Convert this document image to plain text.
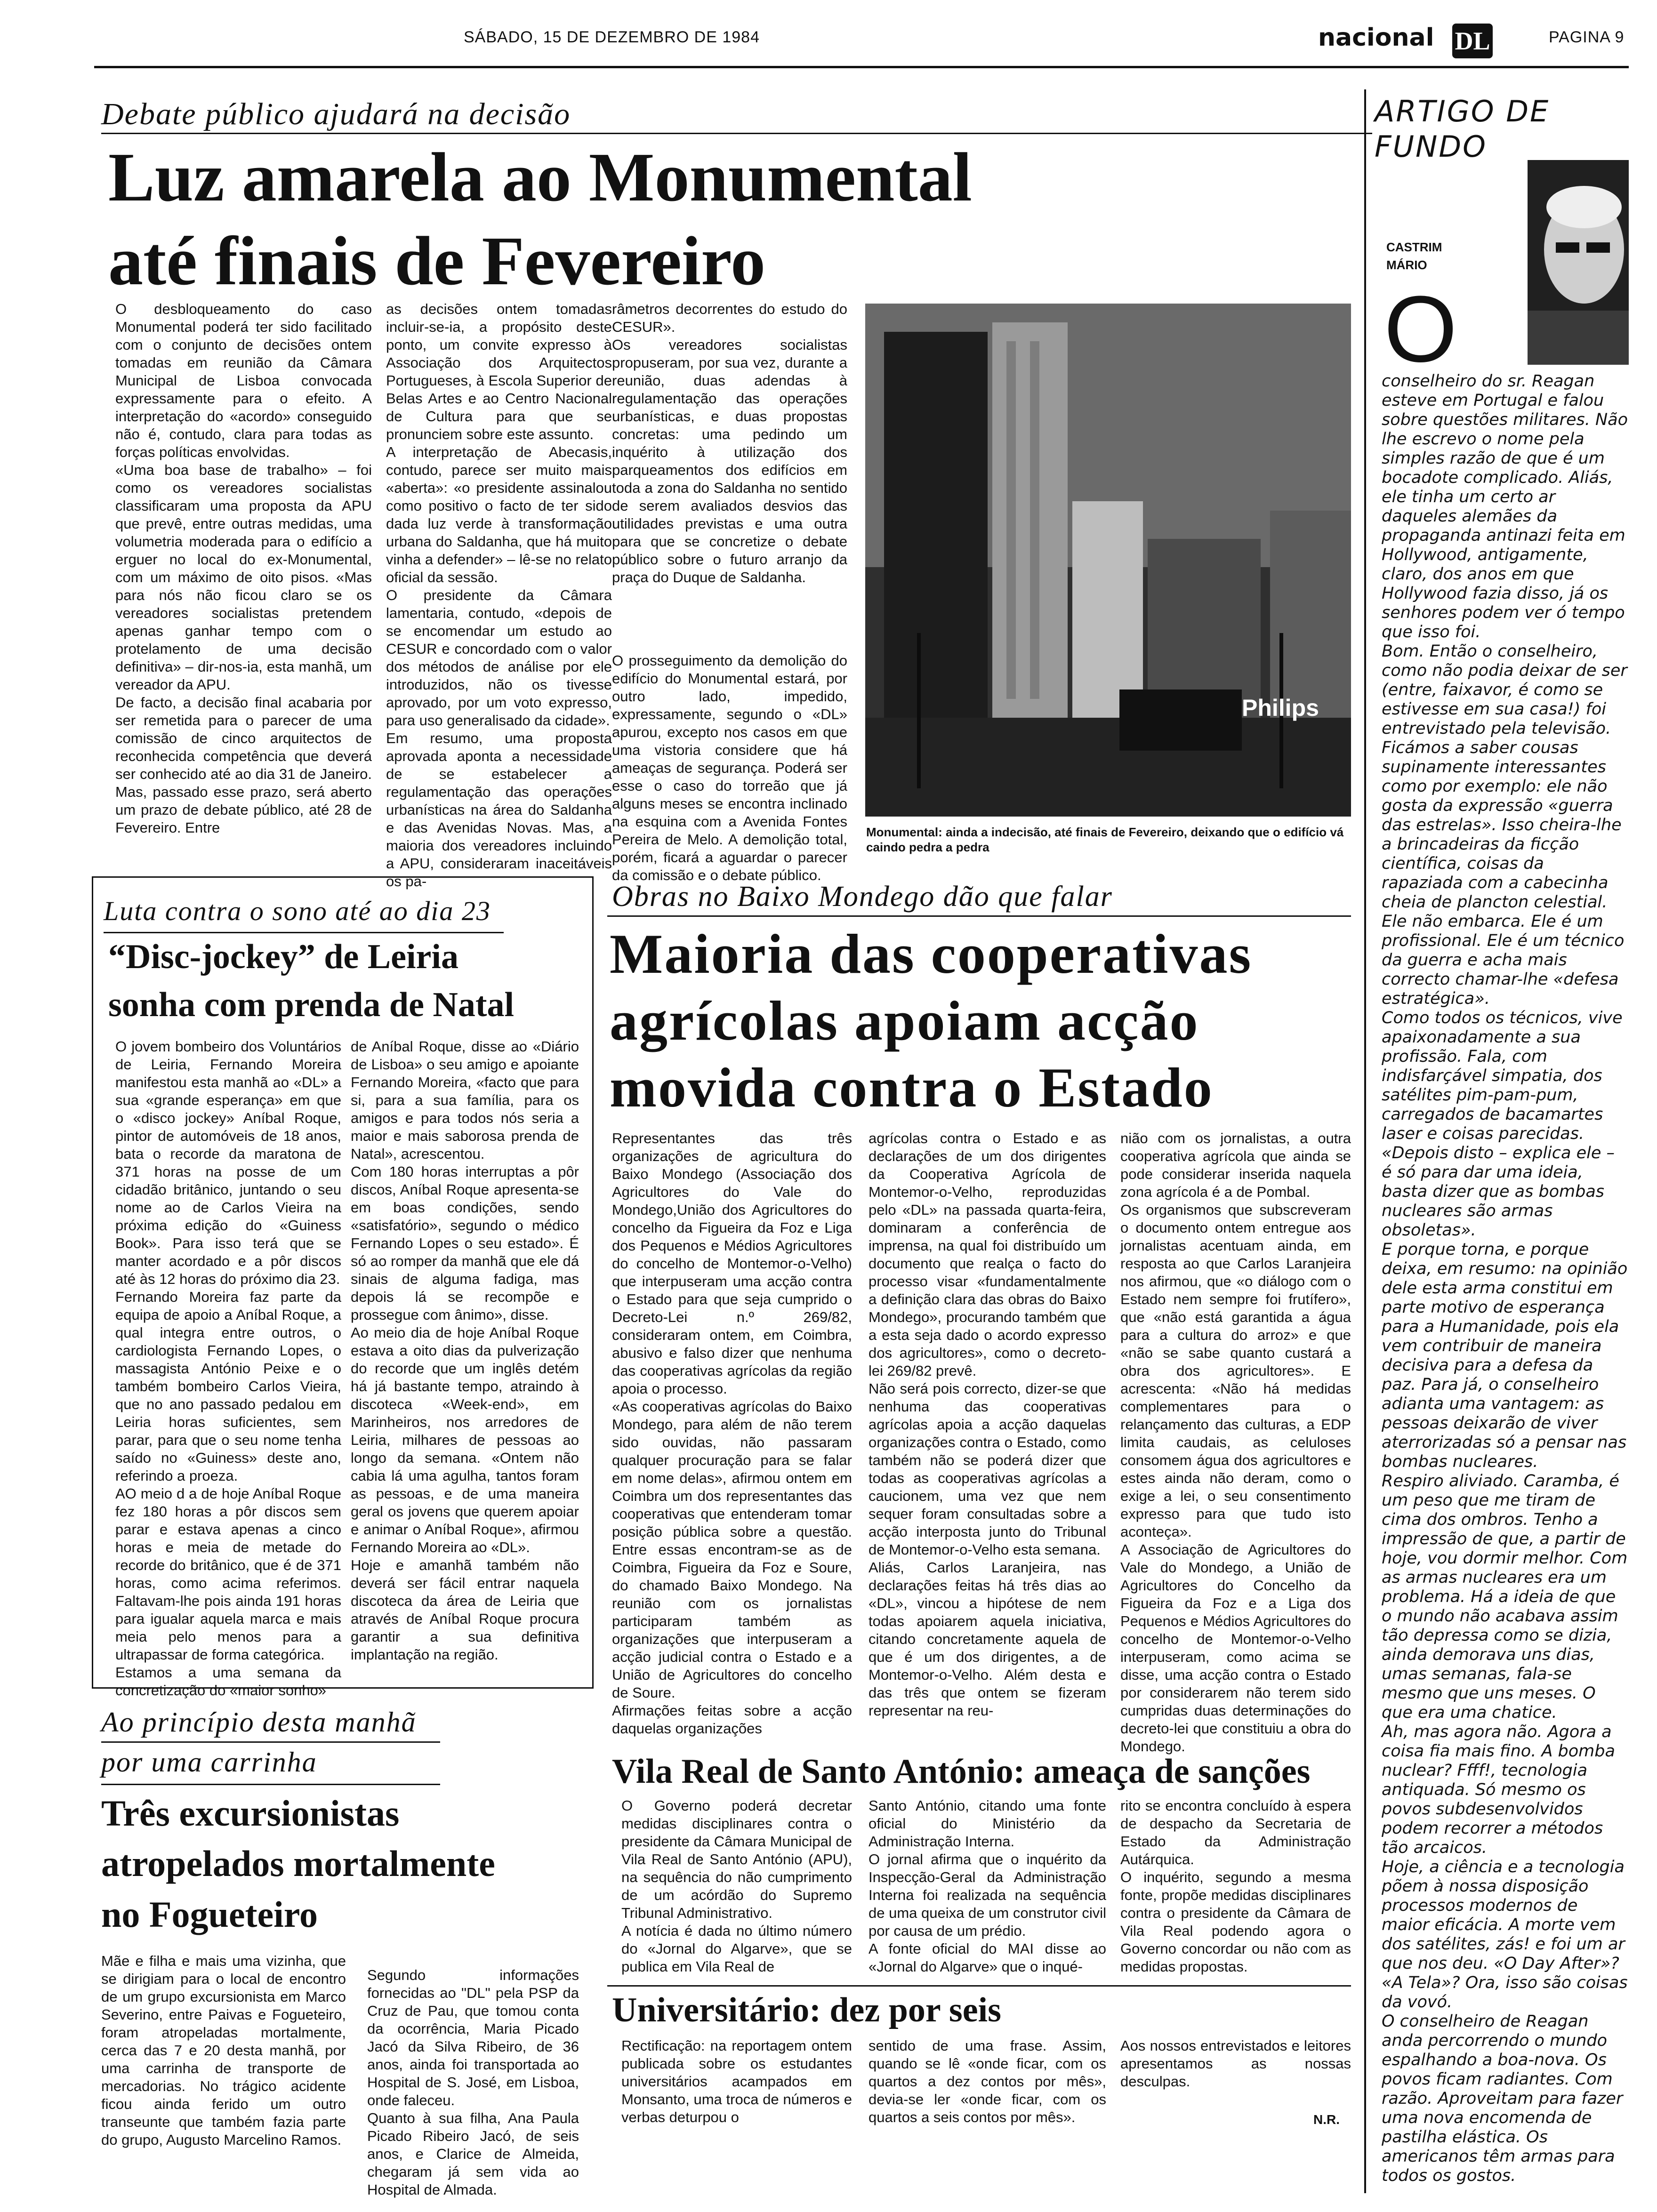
SÁBADO, 15 DE DEZEMBRO DE 1984	nacional DL	PAGINA 9
Debate público ajudará na decisão
Luz amarela ao Monumental
até finais de Fevereiro
O desbloqueamento do caso Monumental poderá ter sido facilitado com o conjunto de decisões ontem tomadas em reunião da Câmara Municipal de Lisboa convocada expressamente para o efeito. A interpretação do «acordo» conseguido não é, contudo, clara para todas as forças políticas envolvidas.
«Uma boa base de trabalho» – foi como os vereadores socialistas classificaram uma proposta da APU que prevê, entre outras medidas, uma volumetria moderada para o edifício a erguer no local do ex-Monumental, com um máximo de oito pisos. «Mas para nós não ficou claro se os vereadores socialistas pretendem apenas ganhar tempo com o protelamento de uma decisão definitiva» – dir-nos-ia, esta manhã, um vereador da APU.
De facto, a decisão final acabaria por ser remetida para o parecer de uma comissão de cinco arquitectos de reconhecida competência que deverá ser conhecido até ao dia 31 de Janeiro. Mas, passado esse prazo, será aberto um prazo de debate público, até 28 de Fevereiro. Entre
as decisões ontem tomadas incluir-se-ia, a propósito deste ponto, um convite expresso à Associação dos Arquitectos Portugueses, à Escola Superior de Belas Artes e ao Centro Nacional de Cultura para que se pronunciem sobre este assunto.
A interpretação de Abecasis, contudo, parece ser muito mais «aberta»: «o presidente assinalou como positivo o facto de ter sido dada luz verde à transformação urbana do Saldanha, que há muito vinha a defender» – lê-se no relato oficial da sessão.
O presidente da Câmara lamentaria, contudo, «depois de se encomendar um estudo ao CESUR e concordado com o valor dos métodos de análise por ele introduzidos, não os tivesse aprovado, por um voto expresso, para uso generalisado da cidade».
Em resumo, uma proposta aprovada aponta a necessidade de se estabelecer a regulamentação das operações urbanísticas na área do Saldanha e das Avenidas Novas. Mas, a maioria dos vereadores incluindo a APU, consideraram inaceitáveis os pa-
râmetros decorrentes do estudo do CESUR».
Os vereadores socialistas propuseram, por sua vez, durante a reunião, duas adendas à regulamentação das operações urbanísticas, e duas propostas concretas: uma pedindo um inquérito à utilização dos parqueamentos dos edifícios em toda a zona do Saldanha no sentido de serem avaliados desvios das utilidades previstas e uma outra para que se concretize o debate público sobre o futuro arranjo da praça do Duque de Saldanha.
O prosseguimento da demolição do edifício do Monumental estará, por outro lado, impedido, expressamente, segundo o «DL» apurou, excepto nos casos em que uma vistoria considere que há ameaças de segurança. Poderá ser esse o caso do torreão que já alguns meses se encontra inclinado na esquina com a Avenida Fontes Pereira de Melo. A demolição total, porém, ficará a aguardar o parecer da comissão e o debate público.
Philips
Monumental: ainda a indecisão, até finais de Fevereiro, deixando que o edifício vá caindo pedra a pedra
Luta contra o sono até ao dia 23
“Disc-jockey” de Leiria
sonha com prenda de Natal
O jovem bombeiro dos Voluntários de Leiria, Fernando Moreira manifestou esta manhã ao «DL» a sua «grande esperança» em que o «disco jockey» Aníbal Roque, pintor de automóveis de 18 anos, bata o recorde da maratona de 371 horas na posse de um cidadão britânico, juntando o seu nome ao de Carlos Vieira na próxima edição do «Guiness Book». Para isso terá que se manter acordado e a pôr discos até às 12 horas do próximo dia 23.
Fernando Moreira faz parte da equipa de apoio a Aníbal Roque, a qual integra entre outros, o cardiologista Fernando Lopes, o massagista António Peixe e o também bombeiro Carlos Vieira, que no ano passado pedalou em Leiria horas suficientes, sem parar, para que o seu nome tenha saído no «Guiness» deste ano, referindo a proeza.
AO meio d a de hoje Aníbal Roque fez 180 horas a pôr discos sem parar e estava apenas a cinco horas e meia de metade do recorde do britânico, que é de 371 horas, como acima referimos. Faltavam-lhe pois ainda 191 horas para igualar aquela marca e mais meia pelo menos para a ultrapassar de forma categórica.
Estamos a uma semana da concretização do «maior sonho»
de Aníbal Roque, disse ao «Diário de Lisboa» o seu amigo e apoiante Fernando Moreira, «facto que para si, para a sua família, para os amigos e para todos nós seria a maior e mais saborosa prenda de Natal», acrescentou.
Com 180 horas interruptas a pôr discos, Aníbal Roque apresenta-se em boas condições, sendo «satisfatório», segundo o médico Fernando Lopes o seu estado». É só ao romper da manhã que ele dá sinais de alguma fadiga, mas depois lá se recompõe e prossegue com ânimo», disse.
Ao meio dia de hoje Aníbal Roque estava a oito dias da pulverização do recorde que um inglês detém há já bastante tempo, atraindo à discoteca «Week-end», em Marinheiros, nos arredores de Leiria, milhares de pessoas ao longo da semana. «Ontem não cabia lá uma agulha, tantos foram as pessoas, e de uma maneira geral os jovens que querem apoiar e animar o Aníbal Roque», afirmou Fernando Moreira ao «DL».
Hoje e amanhã também não deverá ser fácil entrar naquela discoteca da área de Leiria que através de Aníbal Roque procura garantir a sua definitiva implantação na região.
Ao princípio desta manhã
por uma carrinha
Três excursionistas
atropelados mortalmente
no Fogueteiro
Mãe e filha e mais uma vizinha, que se dirigiam para o local de encontro de um grupo excursionista em Marco Severino, entre Paivas e Fogueteiro, foram atropeladas mortalmente, cerca das 7 e 20 desta manhã, por uma carrinha de transporte de mercadorias. No trágico acidente ficou ainda ferido um outro transeunte que também fazia parte do grupo, Augusto Marcelino Ramos.
Segundo informações fornecidas ao "DL" pela PSP da Cruz de Pau, que tomou conta da ocorrência, Maria Picado Jacó da Silva Ribeiro, de 36 anos, ainda foi transportada ao Hospital de S. José, em Lisboa, onde faleceu.
Quanto à sua filha, Ana Paula Picado Ribeiro Jacó, de seis anos, e Clarice de Almeida, chegaram já sem vida ao Hospital de Almada.
Obras no Baixo Mondego dão que falar
Maioria das cooperativas
agrícolas apoiam acção
movida contra o Estado
Representantes das três organizações de agricultura do Baixo Mondego (Associação dos Agricultores do Vale do Mondego,União dos Agricultores do concelho da Figueira da Foz e Liga dos Pequenos e Médios Agricultores do concelho de Montemor-o-Velho) que interpuseram uma acção contra o Estado para que seja cumprido o Decreto-Lei n.º 269/82, consideraram ontem, em Coimbra, abusivo e falso dizer que nenhuma das cooperativas agrícolas da região apoia o processo.
«As cooperativas agrícolas do Baixo Mondego, para além de não terem sido ouvidas, não passaram qualquer procuração para se falar em nome delas», afirmou ontem em Coimbra um dos representantes das cooperativas que entenderam tomar posição pública sobre a questão. Entre essas encontram-se as de Coimbra, Figueira da Foz e Soure, do chamado Baixo Mondego. Na reunião com os jornalistas participaram também as organizações que interpuseram a acção judicial contra o Estado e a União de Agricultores do concelho de Soure.
Afirmações feitas sobre a acção daquelas organizações
agrícolas contra o Estado e as declarações de um dos dirigentes da Cooperativa Agrícola de Montemor-o-Velho, reproduzidas pelo «DL» na passada quarta-feira, dominaram a conferência de imprensa, na qual foi distribuído um documento que realça o facto do processo visar «fundamentalmente a definição clara das obras do Baixo Mondego», procurando também que a esta seja dado o acordo expresso dos agricultores», como o decreto-lei 269/82 prevê.
Não será pois correcto, dizer-se que nenhuma das cooperativas agrícolas apoia a acção daquelas organizações contra o Estado, como também não se poderá dizer que todas as cooperativas agrícolas a caucionem, uma vez que nem sequer foram consultadas sobre a acção interposta junto do Tribunal de Montemor-o-Velho esta semana.
Aliás, Carlos Laranjeira, nas declarações feitas há três dias ao «DL», vincou a hipótese de nem todas apoiarem aquela iniciativa, citando concretamente aquela de que é um dos dirigentes, a de Montemor-o-Velho. Além desta e das três que ontem se fizeram representar na reu-
nião com os jornalistas, a outra cooperativa agrícola que ainda se pode considerar inserida naquela zona agrícola é a de Pombal.
Os organismos que subscreveram o documento ontem entregue aos jornalistas acentuam ainda, em resposta ao que Carlos Laranjeira nos afirmou, que «o diálogo com o Estado nem sempre foi frutífero», que «não está garantida a água para a cultura do arroz» e que «não se sabe quanto custará a obra dos agricultores». E acrescenta: «Não há medidas complementares para o relançamento das culturas, a EDP limita caudais, as celuloses consomem água dos agricultores e estes ainda não deram, como o exige a lei, o seu consentimento expresso para que tudo isto aconteça».
A Associação de Agricultores do Vale do Mondego, a União de Agricultores do Concelho da Figueira da Foz e a Liga dos Pequenos e Médios Agricultores do concelho de Montemor-o-Velho interpuseram, como acima se disse, uma acção contra o Estado por considerarem não terem sido cumpridas duas determinações do decreto-lei que constituiu a obra do Mondego.
Vila Real de Santo António: ameaça de sanções
O Governo poderá decretar medidas disciplinares contra o presidente da Câmara Municipal de Vila Real de Santo António (APU), na sequência do não cumprimento de um acórdão do Supremo Tribunal Administrativo.
A notícia é dada no último número do «Jornal do Algarve», que se publica em Vila Real de
Santo António, citando uma fonte oficial do Ministério da Administração Interna.
O jornal afirma que o inquérito da Inspecção-Geral da Administração Interna foi realizada na sequência de uma queixa de um construtor civil por causa de um prédio.
A fonte oficial do MAI disse ao «Jornal do Algarve» que o inqué-
rito se encontra concluído à espera de despacho da Secretaria de Estado da Administração Autárquica.
O inquérito, segundo a mesma fonte, propõe medidas disciplinares contra o presidente da Câmara de Vila Real podendo agora o Governo concordar ou não com as medidas propostas.
Universitário: dez por seis
Rectificação: na reportagem ontem publicada sobre os estudantes universitários acampados em Monsanto, uma troca de números e verbas deturpou o
sentido de uma frase. Assim, quando se lê «onde ficar, com os quartos a dez contos por mês», devia-se ler «onde ficar, com os quartos a seis contos por mês».
Aos nossos entrevistados e leitores apresentamos as nossas desculpas.
N.R.
ARTIGO DE
FUNDO
CASTRIM
MÁRIO
O
conselheiro do sr. Reagan esteve em Portugal e falou sobre questões militares. Não lhe escrevo o nome pela simples razão de que é um bocadote complicado. Aliás, ele tinha um certo ar daqueles alemães da propaganda antinazi feita em Hollywood, antigamente, claro, dos anos em que Hollywood fazia disso, já os senhores podem ver ó tempo que isso foi.
Bom. Então o conselheiro, como não podia deixar de ser (entre, faixavor, é como se estivesse em sua casa!) foi entrevistado pela televisão. Ficámos a saber cousas supinamente interessantes como por exemplo: ele não gosta da expressão «guerra das estrelas». Isso cheira-lhe a brincadeiras da ficção científica, coisas da rapaziada com a cabecinha cheia de plancton celestial. Ele não embarca. Ele é um profissional. Ele é um técnico da guerra e acha mais correcto chamar-lhe «defesa estratégica».
Como todos os técnicos, vive apaixonadamente a sua profissão. Fala, com indisfarçável simpatia, dos satélites pim-pam-pum, carregados de bacamartes laser e coisas parecidas. «Depois disto – explica ele – é só para dar uma ideia, basta dizer que as bombas nucleares são armas obsoletas».
E porque torna, e porque deixa, em resumo: na opinião dele esta arma constitui em parte motivo de esperança para a Humanidade, pois ela vem contribuir de maneira decisiva para a defesa da paz. Para já, o conselheiro adianta uma vantagem: as pessoas deixarão de viver aterrorizadas só a pensar nas bombas nucleares.
Respiro aliviado. Caramba, é um peso que me tiram de cima dos ombros. Tenho a impressão de que, a partir de hoje, vou dormir melhor. Com as armas nucleares era um problema. Há a ideia de que o mundo não acabava assim tão depressa como se dizia, ainda demorava uns dias, umas semanas, fala-se mesmo que uns meses. O que era uma chatice.
Ah, mas agora não. Agora a coisa fia mais fino. A bomba nuclear? Ffff!, tecnologia antiquada. Só mesmo os povos subdesenvolvidos podem recorrer a métodos tão arcaicos.
Hoje, a ciência e a tecnologia põem à nossa disposição processos modernos de maior eficácia. A morte vem dos satélites, zás! e foi um ar que nos deu. «O Day After»? «A Tela»? Ora, isso são coisas da vovó.
O conselheiro de Reagan anda percorrendo o mundo espalhando a boa-nova. Os povos ficam radiantes. Com razão. Aproveitam para fazer uma nova encomenda de pastilha elástica. Os americanos têm armas para todos os gostos.
